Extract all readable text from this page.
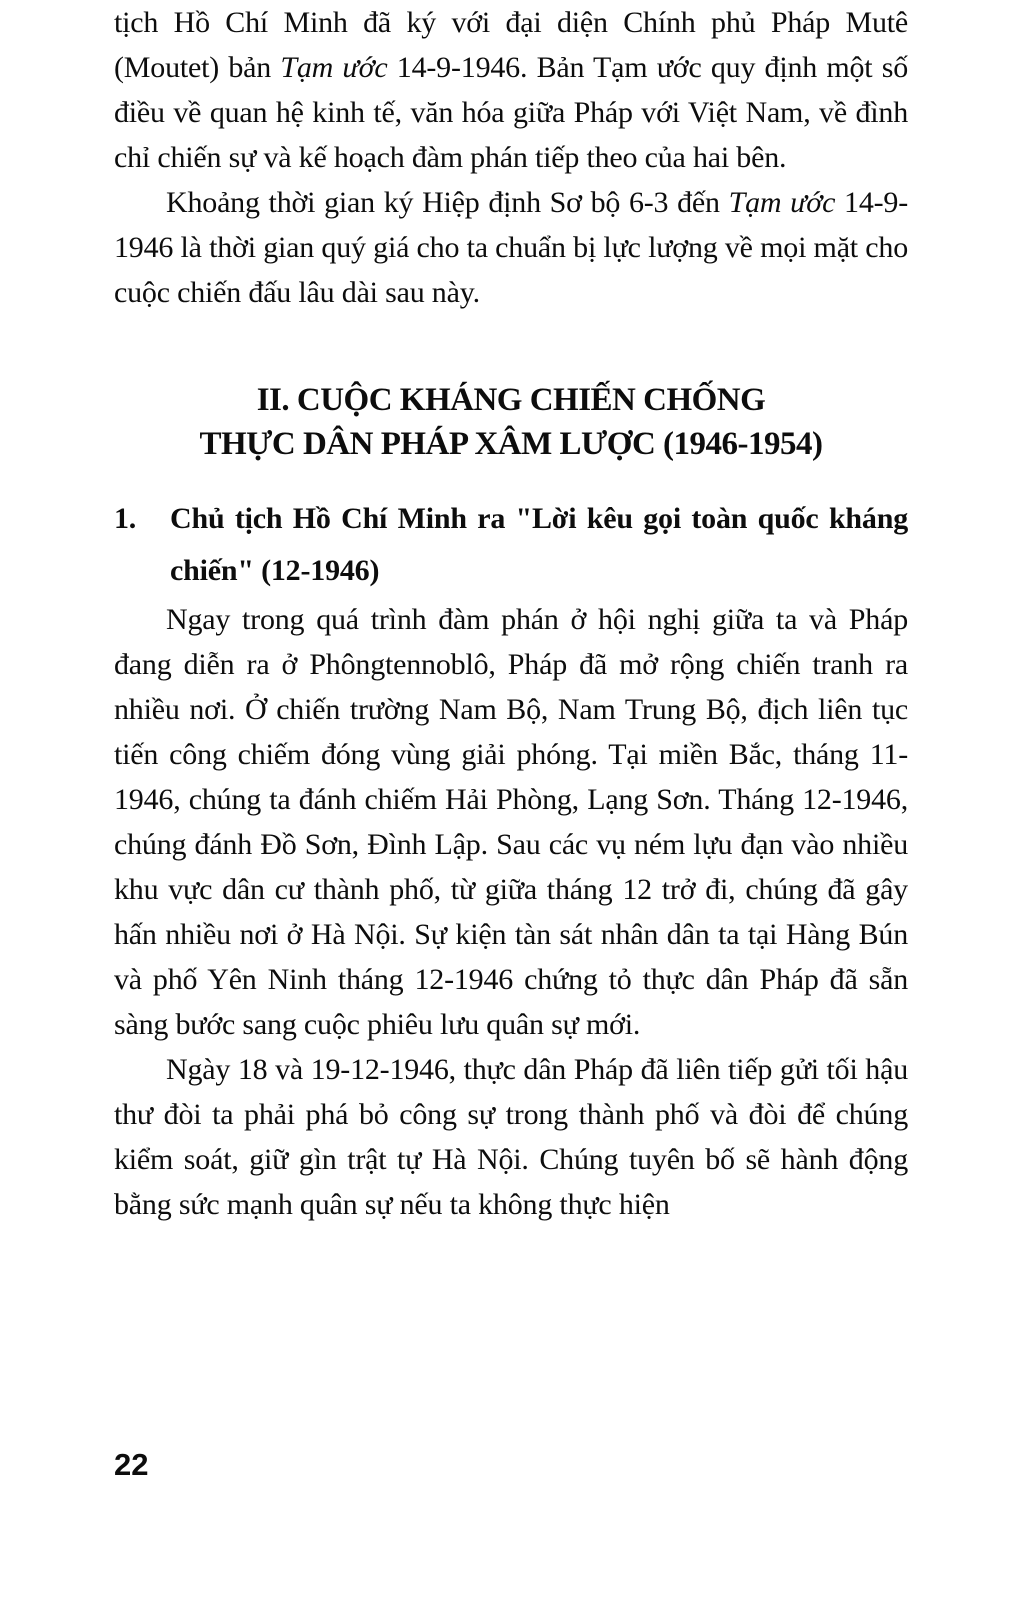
tịch Hồ Chí Minh đã ký với đại diện Chính phủ Pháp Mutê (Moutet) bản Tạm ước 14-9-1946. Bản Tạm ước quy định một số điều về quan hệ kinh tế, văn hóa giữa Pháp với Việt Nam, về đình chỉ chiến sự và kế hoạch đàm phán tiếp theo của hai bên.

Khoảng thời gian ký Hiệp định Sơ bộ 6-3 đến Tạm ước 14-9-1946 là thời gian quý giá cho ta chuẩn bị lực lượng về mọi mặt cho cuộc chiến đấu lâu dài sau này.

II. CUỘC KHÁNG CHIẾN CHỐNG
THỰC DÂN PHÁP XÂM LƯỢC (1946-1954)
1.	Chủ tịch Hồ Chí Minh ra "Lời kêu gọi toàn quốc kháng chiến" (12-1946)

Ngay trong quá trình đàm phán ở hội nghị giữa ta và Pháp đang diễn ra ở Phôngtennoblô, Pháp đã mở rộng chiến tranh ra nhiều nơi. Ở chiến trường Nam Bộ, Nam Trung Bộ, địch liên tục tiến công chiếm đóng vùng giải phóng. Tại miền Bắc, tháng 11-1946, chúng ta đánh chiếm Hải Phòng, Lạng Sơn. Tháng 12-1946, chúng đánh Đồ Sơn, Đình Lập. Sau các vụ ném lựu đạn vào nhiều khu vực dân cư thành phố, từ giữa tháng 12 trở đi, chúng đã gây hấn nhiều nơi ở Hà Nội. Sự kiện tàn sát nhân dân ta tại Hàng Bún và phố Yên Ninh tháng 12-1946 chứng tỏ thực dân Pháp đã sẵn sàng bước sang cuộc phiêu lưu quân sự mới.

Ngày 18 và 19-12-1946, thực dân Pháp đã liên tiếp gửi tối hậu thư đòi ta phải phá bỏ công sự trong thành phố và đòi để chúng kiểm soát, giữ gìn trật tự Hà Nội. Chúng tuyên bố sẽ hành động bằng sức mạnh quân sự nếu ta không thực hiện

22
